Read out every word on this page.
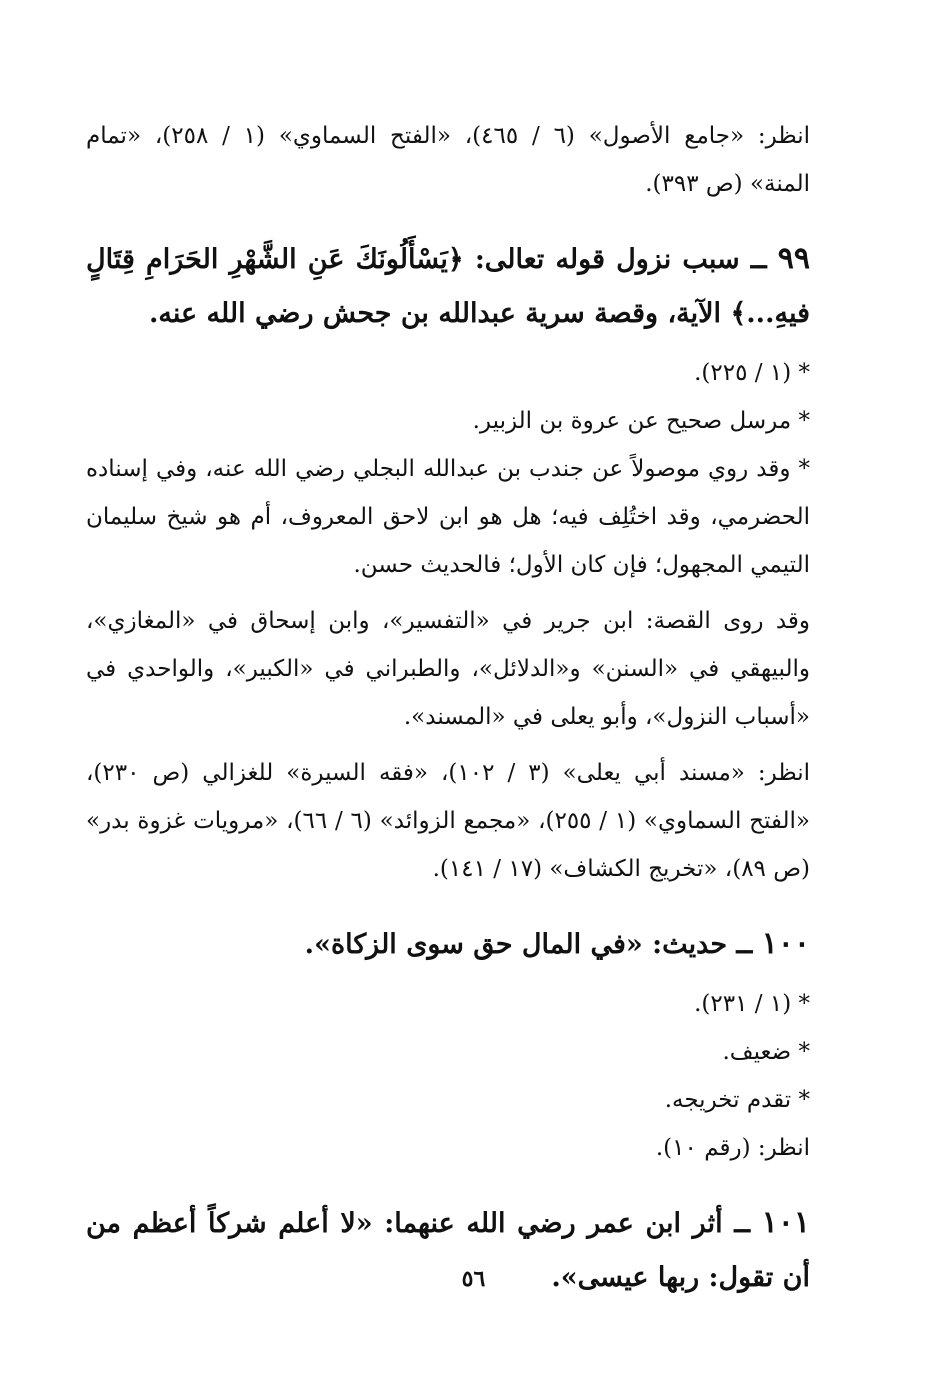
انظر: «جامع الأصول» (٦ / ٤٦٥)، «الفتح السماوي» (١ / ٢٥٨)، «تمام

المنة» (ص ٣٩٣).

٩٩ ــ سبب نزول قوله تعالى: ﴿يَسْأَلُونَكَ عَنِ الشَّهْرِ الحَرَامِ قِتَالٍ فيهِ...﴾ الآية، وقصة سرية عبدالله بن جحش رضي الله عنه.

* (١ / ٢٢٥).

* مرسل صحيح عن عروة بن الزبير.

* وقد روي موصولاً عن جندب بن عبدالله البجلي رضي الله عنه، وفي إسناده الحضرمي، وقد اختُلِف فيه؛ هل هو ابن لاحق المعروف، أم هو شيخ سليمان التيمي المجهول؛ فإن كان الأول؛ فالحديث حسن.

وقد روى القصة: ابن جرير في «التفسير»، وابن إسحاق في «المغازي»، والبيهقي في «السنن» و«الدلائل»، والطبراني في «الكبير»، والواحدي في «أسباب النزول»، وأبو يعلى في «المسند».

انظر: «مسند أبي يعلى» (٣ / ١٠٢)، «فقه السيرة» للغزالي (ص ٢٣٠)، «الفتح السماوي» (١ / ٢٥٥)، «مجمع الزوائد» (٦ / ٦٦)، «مرويات غزوة بدر» (ص ٨٩)، «تخريج الكشاف» (١٧ / ١٤١).

١٠٠ ــ حديث: «في المال حق سوى الزكاة».

* (١ / ٢٣١).

* ضعيف.

* تقدم تخريجه.

انظر: (رقم ١٠).

١٠١ ــ أثر ابن عمر رضي الله عنهما: «لا أعلم شركاً أعظم من أن تقول: ربها عيسى».

٥٦
